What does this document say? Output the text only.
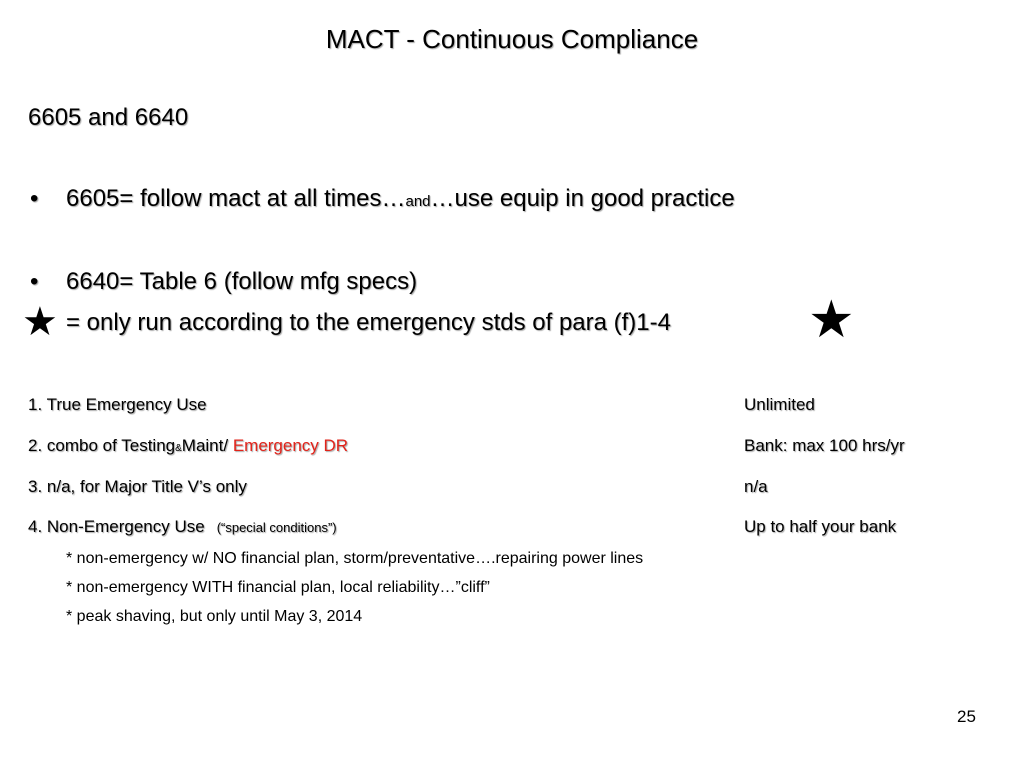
MACT - Continuous Compliance
6605 and 6640
• 6605= follow mact at all times…and…use equip in good practice
• 6640= Table 6 (follow mfg specs)
= only run according to the emergency stds of para (f)1-4
★	★
1. True Emergency Use	Unlimited
2. combo of Testing&Maint/ Emergency DR	Bank: max 100 hrs/yr
3. n/a, for Major Title V’s only	n/a
4. Non-Emergency Use (“special conditions”)	Up to half your bank
* non-emergency w/ NO financial plan, storm/preventative….repairing power lines
* non-emergency WITH financial plan, local reliability…”cliff”
* peak shaving, but only until May 3, 2014
25
